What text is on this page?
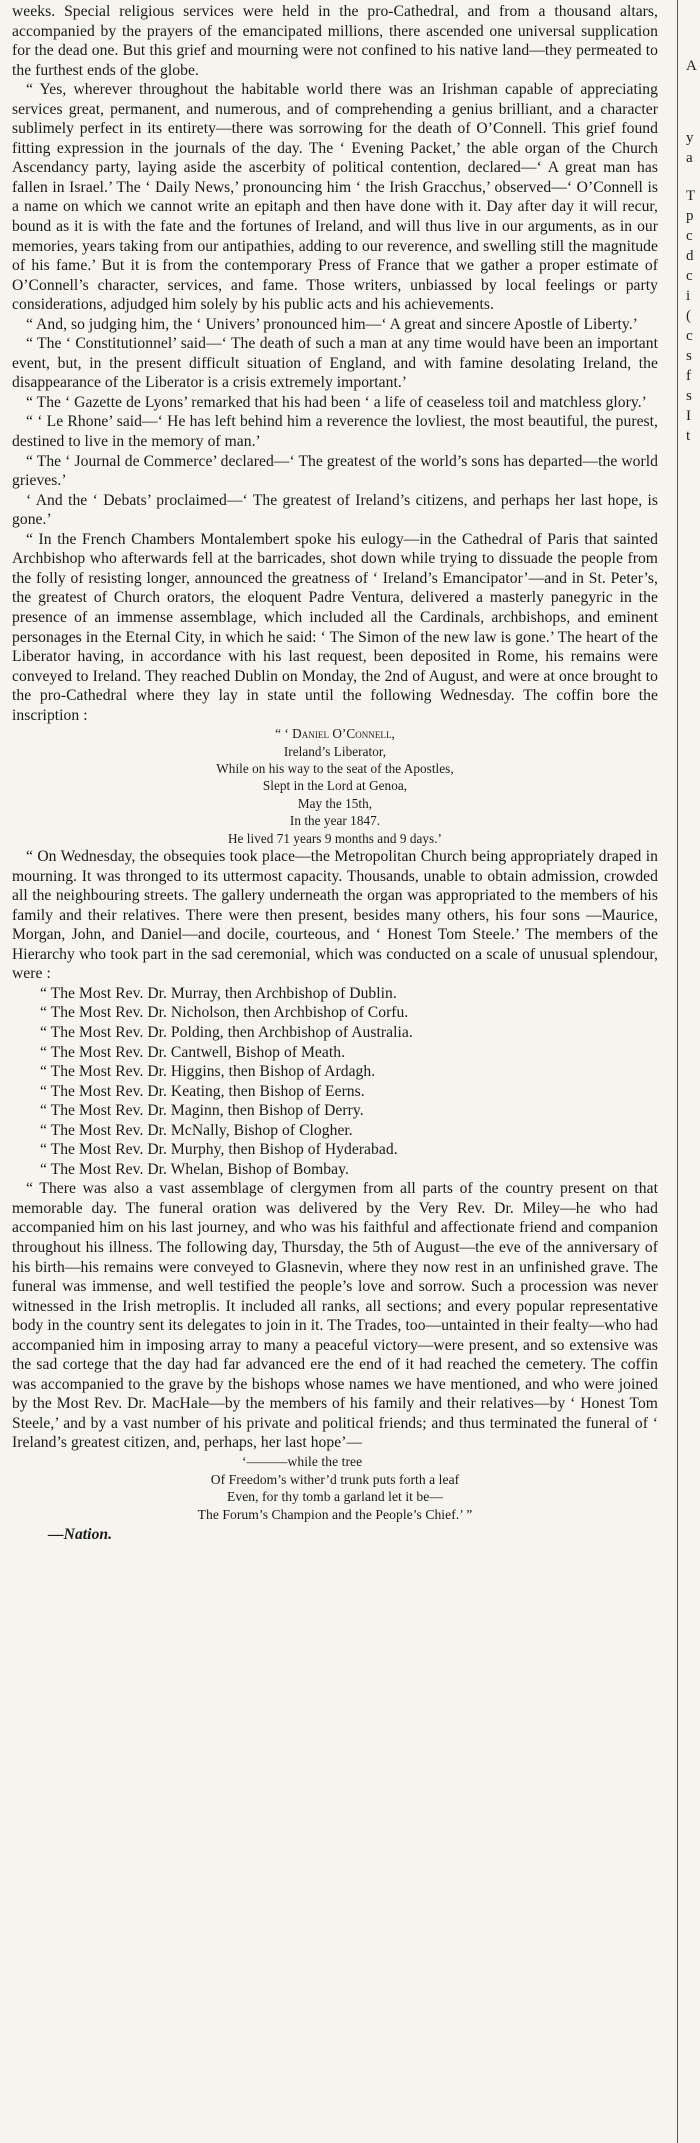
weeks. Special religious services were held in the pro-Cathedral, and from a thousand altars, accompanied by the prayers of the emancipated millions, there ascended one universal supplication for the dead one. But this grief and mourning were not confined to his native land—they permeated to the furthest ends of the globe.

“ Yes, wherever throughout the habitable world there was an Irishman capable of appreciating services great, permanent, and numerous, and of comprehending a genius brilliant, and a character sublimely perfect in its entirety—there was sorrowing for the death of O’Connell. This grief found fitting expression in the journals of the day. The ‘ Evening Packet,’ the able organ of the Church Ascendancy party, laying aside the ascerbity of political contention, declared—‘ A great man has fallen in Israel.’ The ‘ Daily News,’ pronouncing him ‘ the Irish Gracchus,’ observed—‘ O’Connell is a name on which we cannot write an epitaph and then have done with it. Day after day it will recur, bound as it is with the fate and the fortunes of Ireland, and will thus live in our arguments, as in our memories, years taking from our antipathies, adding to our reverence, and swelling still the magnitude of his fame.’ But it is from the contemporary Press of France that we gather a proper estimate of O’Connell’s character, services, and fame. Those writers, unbiassed by local feelings or party considerations, adjudged him solely by his public acts and his achievements.

“ And, so judging him, the ‘ Univers’ pronounced him—‘ A great and sincere Apostle of Liberty.’

“ The ‘ Constitutionnel’ said—‘ The death of such a man at any time would have been an important event, but, in the present difficult situation of England, and with famine desolating Ireland, the disappearance of the Liberator is a crisis extremely important.’

“ The ‘ Gazette de Lyons’ remarked that his had been ‘ a life of ceaseless toil and matchless glory.’

“ ‘ Le Rhone’ said—‘ He has left behind him a reverence the lovliest, the most beautiful, the purest, destined to live in the memory of man.’

“ The ‘ Journal de Commerce’ declared—‘ The greatest of the world’s sons has departed—the world grieves.’

‘ And the ‘ Debats’ proclaimed—‘ The greatest of Ireland’s citizens, and perhaps her last hope, is gone.’

“ In the French Chambers Montalembert spoke his eulogy—in the Cathedral of Paris that sainted Archbishop who afterwards fell at the barricades, shot down while trying to dissuade the people from the folly of resisting longer, announced the greatness of ‘ Ireland’s Emancipator’—and in St. Peter’s, the greatest of Church orators, the eloquent Padre Ventura, delivered a masterly panegyric in the presence of an immense assemblage, which included all the Cardinals, archbishops, and eminent personages in the Eternal City, in which he said: ‘ The Simon of the new law is gone.’ The heart of the Liberator having, in accordance with his last request, been deposited in Rome, his remains were conveyed to Ireland. They reached Dublin on Monday, the 2nd of August, and were at once brought to the pro-Cathedral where they lay in state until the following Wednesday. The coffin bore the inscription :

“ ‘ Daniel O’Connell,
Ireland’s Liberator,
While on his way to the seat of the Apostles,
Slept in the Lord at Genoa,
May the 15th,
In the year 1847.
He lived 71 years 9 months and 9 days.’

“ On Wednesday, the obsequies took place—the Metropolitan Church being appropriately draped in mourning. It was thronged to its uttermost capacity. Thousands, unable to obtain admission, crowded all the neighbouring streets. The gallery underneath the organ was appropriated to the members of his family and their relatives. There were then present, besides many others, his four sons —Maurice, Morgan, John, and Daniel—and docile, courteous, and ‘ Honest Tom Steele.’ The members of the Hierarchy who took part in the sad ceremonial, which was conducted on a scale of unusual splendour, were :

“ The Most Rev. Dr. Murray, then Archbishop of Dublin.
“ The Most Rev. Dr. Nicholson, then Archbishop of Corfu.
“ The Most Rev. Dr. Polding, then Archbishop of Australia.
“ The Most Rev. Dr. Cantwell, Bishop of Meath.
“ The Most Rev. Dr. Higgins, then Bishop of Ardagh.
“ The Most Rev. Dr. Keating, then Bishop of Eerns.
“ The Most Rev. Dr. Maginn, then Bishop of Derry.
“ The Most Rev. Dr. McNally, Bishop of Clogher.
“ The Most Rev. Dr. Murphy, then Bishop of Hyderabad.
“ The Most Rev. Dr. Whelan, Bishop of Bombay.

“ There was also a vast assemblage of clergymen from all parts of the country present on that memorable day. The funeral oration was delivered by the Very Rev. Dr. Miley—he who had accompanied him on his last journey, and who was his faithful and affectionate friend and companion throughout his illness. The following day, Thursday, the 5th of August—the eve of the anniversary of his birth—his remains were conveyed to Glasnevin, where they now rest in an unfinished grave. The funeral was immense, and well testified the people’s love and sorrow. Such a procession was never witnessed in the Irish metroplis. It included all ranks, all sections; and every popular representative body in the country sent its delegates to join in it. The Trades, too—untainted in their fealty—who had accompanied him in imposing array to many a peaceful victory—were present, and so extensive was the sad cortege that the day had far advanced ere the end of it had reached the cemetery. The coffin was accompanied to the grave by the bishops whose names we have mentioned, and who were joined by the Most Rev. Dr. MacHale—by the members of his family and their relatives—by ‘ Honest Tom Steele,’ and by a vast number of his private and political friends; and thus terminated the funeral of ‘ Ireland’s greatest citizen, and, perhaps, her last hope’—

‘———while the tree
Of Freedom’s wither’d trunk puts forth a leaf
Even, for thy tomb a garland let it be—
The Forum’s Champion and the People’s Chief.’ ”
—Nation.
A
y
a
T
p
c
d
c
i
(
c
s
f
s
I
t
